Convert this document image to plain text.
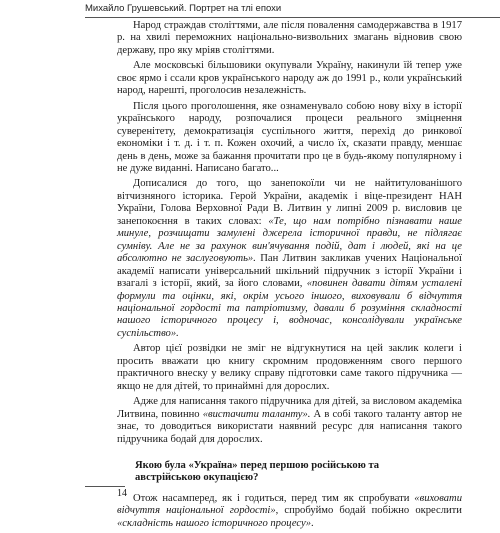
Михайло Грушевський. Портрет на тлі епохи

Народ страждав століттями, але після повалення самодержавства в 1917 р. на хвилі переможних національно-визвольних змагань відновив свою державу, про яку мріяв століттями.

Але московські більшовики окупували Україну, накинули їй тепер уже своє ярмо і ссали кров українського народу аж до 1991 р., коли український народ, нарешті, проголосив незалежність.

Після цього проголошення, яке ознаменувало собою нову віху в історії українського народу, розпочалися процеси реального зміцнення суверенітету, демократизація суспільного життя, перехід до ринкової економіки і т. д. і т. п. Кожен охочий, а число їх, сказати правду, меншає день в день, може за бажання прочитати про це в будь-якому популярному і не дуже виданні. Написано багато...

Дописалися до того, що занепокоїли чи не найтитулованішого вітчизняного історика. Герой України, академік і віце-президент НАН України, Голова Верховної Ради В. Литвин у липні 2009 р. висловив це занепокоєння в таких словах: «Те, що нам потрібно пізнавати наше минуле, розчищати замулені джерела історичної правди, не підлягає сумніву. Але не за рахунок вин'ячування подій, дат і людей, які на це абсолютно не заслуговують». Пан Литвин закликав учених Національної академії написати універсальний шкільний підручник з історії України і взагалі з історії, який, за його словами, «повинен давати дітям усталені формули та оцінки, які, окрім усього іншого, виховували б відчуття національної гордості та патріотизму, давали б розуміння складності нашого історичного процесу і, водночас, консолідували українське суспільство».

Автор цієї розвідки не зміг не відгукнутися на цей заклик колеги і просить вважати цю книгу скромним продовженням свого першого практичного внеску у велику справу підготовки саме такого підручника — якщо не для дітей, то принаймні для дорослих.

Адже для написання такого підручника для дітей, за висловом академіка Литвина, повинно «вистачити таланту». А в собі такого таланту автор не знає, то доводиться використати наявний ресурс для написання такого підручника бодай для дорослих.

Якою була «Україна» перед першою російською та австрійською окупацією?

Отож насамперед, як і годиться, перед тим як спробувати «виховати відчуття національної гордості», спробуймо бодай побіжно окреслити «складність нашого історичного процесу».

14
